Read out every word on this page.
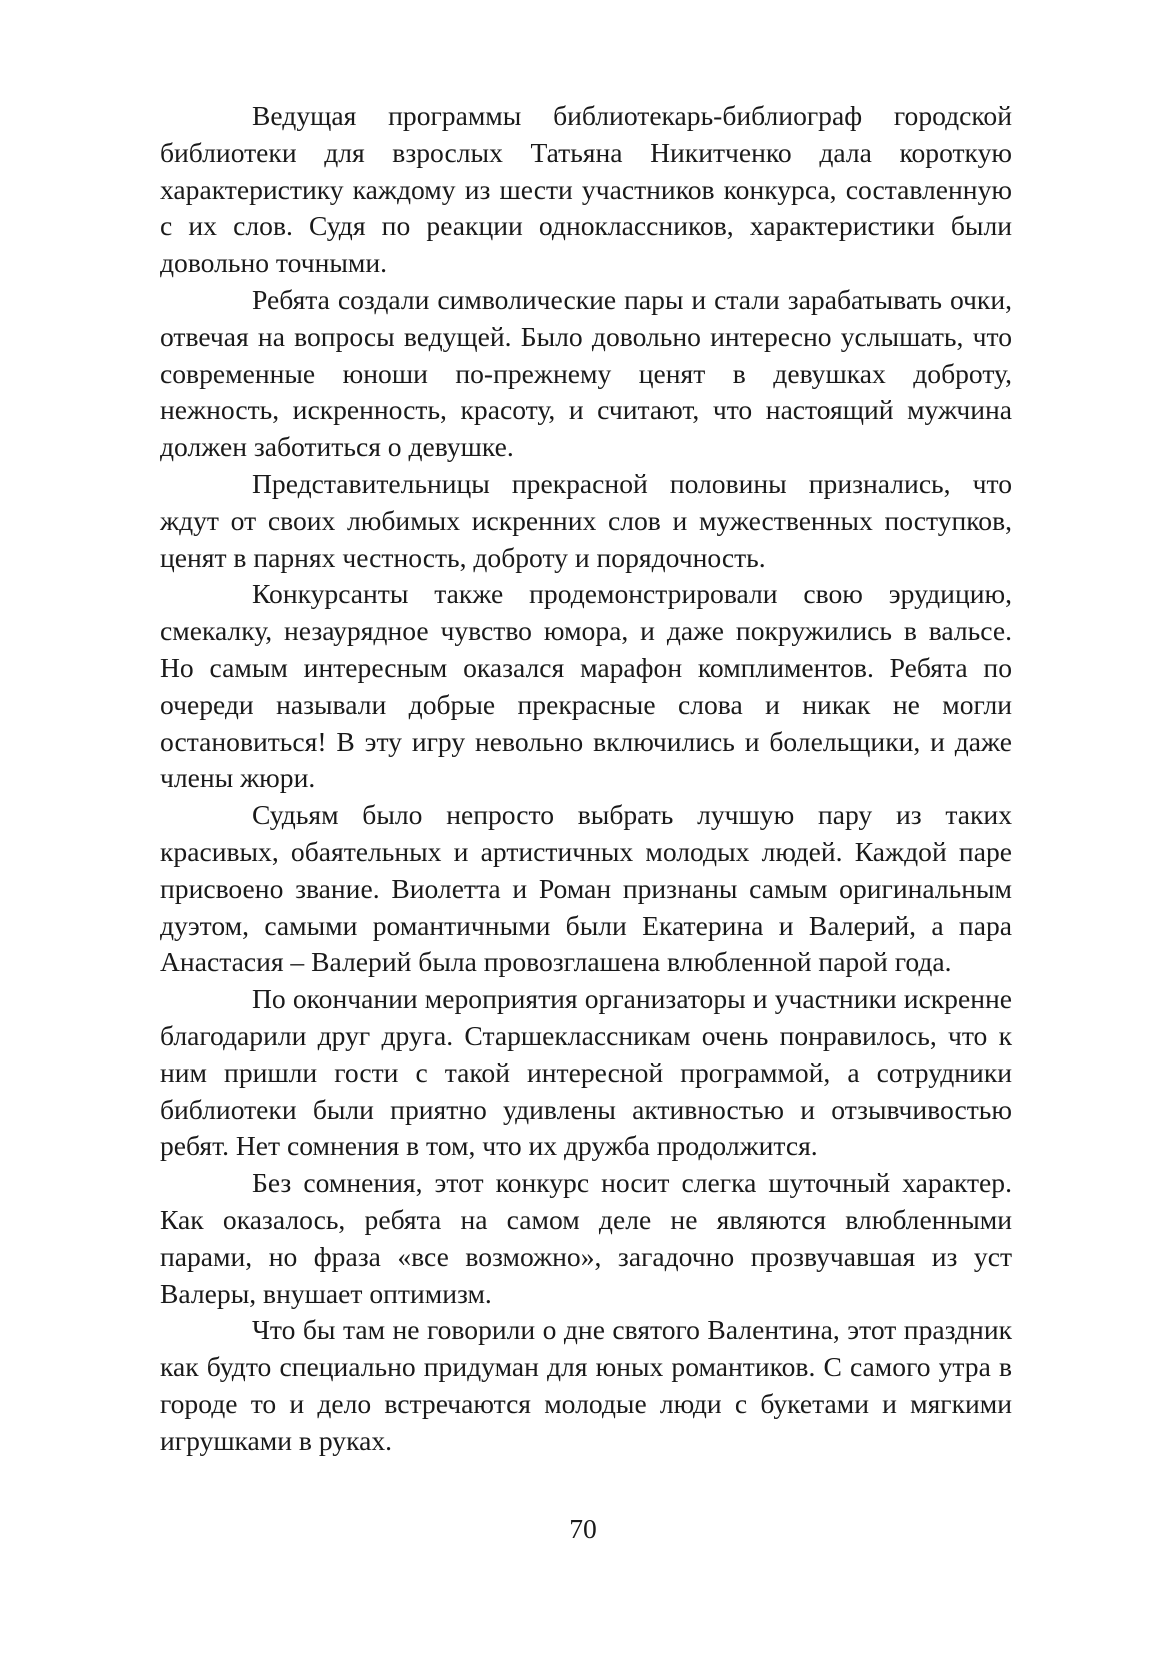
Ведущая программы библиотекарь-библиограф городской библиотеки для взрослых Татьяна Никитченко дала короткую характеристику каждому из шести участников конкурса, составленную с их слов. Судя по реакции одноклассников, характеристики были довольно точными.

Ребята создали символические пары и стали зарабатывать очки, отвечая на вопросы ведущей. Было довольно интересно услышать, что современные юноши по-прежнему ценят в девушках доброту, нежность, искренность, красоту, и считают, что настоящий мужчина должен заботиться о девушке.

Представительницы прекрасной половины признались, что ждут от своих любимых искренних слов и мужественных поступков, ценят в парнях честность, доброту и порядочность.

Конкурсанты также продемонстрировали свою эрудицию, смекалку, незаурядное чувство юмора, и даже покружились в вальсе. Но самым интересным оказался марафон комплиментов. Ребята по очереди называли добрые прекрасные слова и никак не могли остановиться! В эту игру невольно включились и болельщики, и даже члены жюри.

Судьям было непросто выбрать лучшую пару из таких красивых, обаятельных и артистичных молодых людей. Каждой паре присвоено звание. Виолетта и Роман признаны самым оригинальным дуэтом, самыми романтичными были Екатерина и Валерий, а пара Анастасия – Валерий была провозглашена влюбленной парой года.

По окончании мероприятия организаторы и участники искренне благодарили друг друга. Старшеклассникам очень понравилось, что к ним пришли гости с такой интересной программой, а сотрудники библиотеки были приятно удивлены активностью и отзывчивостью ребят. Нет сомнения в том, что их дружба продолжится.

Без сомнения, этот конкурс носит слегка шуточный характер. Как оказалось, ребята на самом деле не являются влюбленными парами, но фраза «все возможно», загадочно прозвучавшая из уст Валеры, внушает оптимизм.

Что бы там не говорили о дне святого Валентина, этот праздник как будто специально придуман для юных романтиков. С самого утра в городе то и дело встречаются молодые люди с букетами и мягкими игрушками в руках.

70
